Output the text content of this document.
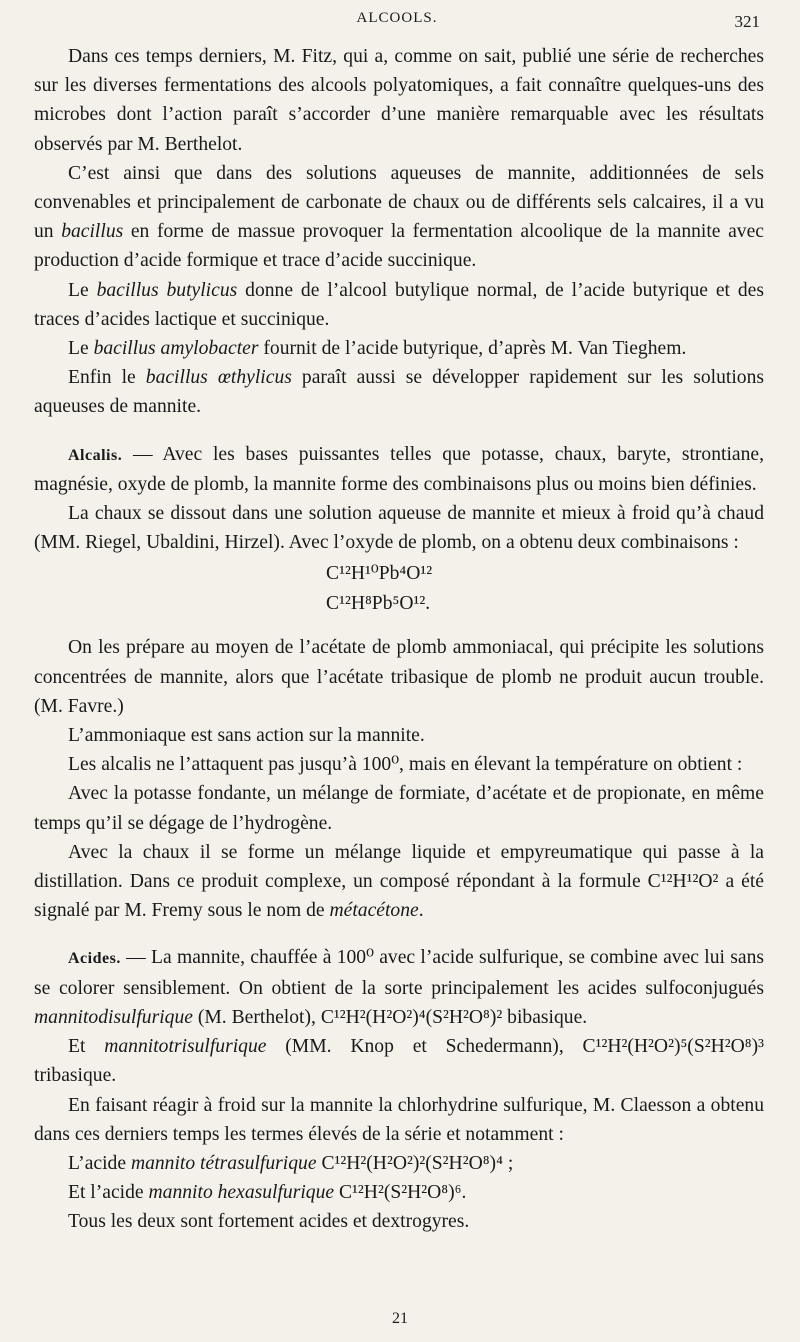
ALCOOLS.	321

Dans ces temps derniers, M. Fitz, qui a, comme on sait, publié une série de recherches sur les diverses fermentations des alcools polyatomiques, a fait connaître quelques-uns des microbes dont l’action paraît s’accorder d’une manière remarquable avec les résultats observés par M. Berthelot.

C’est ainsi que dans des solutions aqueuses de mannite, additionnées de sels convenables et principalement de carbonate de chaux ou de différents sels calcaires, il a vu un bacillus en forme de massue provoquer la fermentation alcoolique de la mannite avec production d’acide formique et trace d’acide succinique.

Le bacillus butylicus donne de l’alcool butylique normal, de l’acide butyrique et des traces d’acides lactique et succinique.

Le bacillus amylobacter fournit de l’acide butyrique, d’après M. Van Tieghem.

Enfin le bacillus œthylicus paraît aussi se développer rapidement sur les solutions aqueuses de mannite.

Alcalis. — Avec les bases puissantes telles que potasse, chaux, baryte, strontiane, magnésie, oxyde de plomb, la mannite forme des combinaisons plus ou moins bien définies.

La chaux se dissout dans une solution aqueuse de mannite et mieux à froid qu’à chaud (MM. Riegel, Ubaldini, Hirzel). Avec l’oxyde de plomb, on a obtenu deux combinaisons :

C¹²H¹⁰Pb⁴O¹²
C¹²H⁸Pb⁵O¹².

On les prépare au moyen de l’acétate de plomb ammoniacal, qui précipite les solutions concentrées de mannite, alors que l’acétate tribasique de plomb ne produit aucun trouble. (M. Favre.)

L’ammoniaque est sans action sur la mannite.

Les alcalis ne l’attaquent pas jusqu’à 100⁰, mais en élevant la température on obtient :

Avec la potasse fondante, un mélange de formiate, d’acétate et de propionate, en même temps qu’il se dégage de l’hydrogène.

Avec la chaux il se forme un mélange liquide et empyreumatique qui passe à la distillation. Dans ce produit complexe, un composé répondant à la formule C¹²H¹²O² a été signalé par M. Fremy sous le nom de métacétone.

Acides. — La mannite, chauffée à 100⁰ avec l’acide sulfurique, se combine avec lui sans se colorer sensiblement. On obtient de la sorte principalement les acides sulfoconjugués mannitodisulfurique (M. Berthelot), C¹²H²(H²O²)⁴(S²H²O⁸)² bibasique.

Et mannitotrisulfurique (MM. Knop et Schedermann), C¹²H²(H²O²)⁵(S²H²O⁸)³ tribasique.

En faisant réagir à froid sur la mannite la chlorhydrine sulfurique, M. Claesson a obtenu dans ces derniers temps les termes élevés de la série et notamment :

L’acide mannito tétrasulfurique C¹²H²(H²O²)²(S²H²O⁸)⁴ ;

Et l’acide mannito hexasulfurique C¹²H²(S²H²O⁸)⁶.

Tous les deux sont fortement acides et dextrogyres.

21
